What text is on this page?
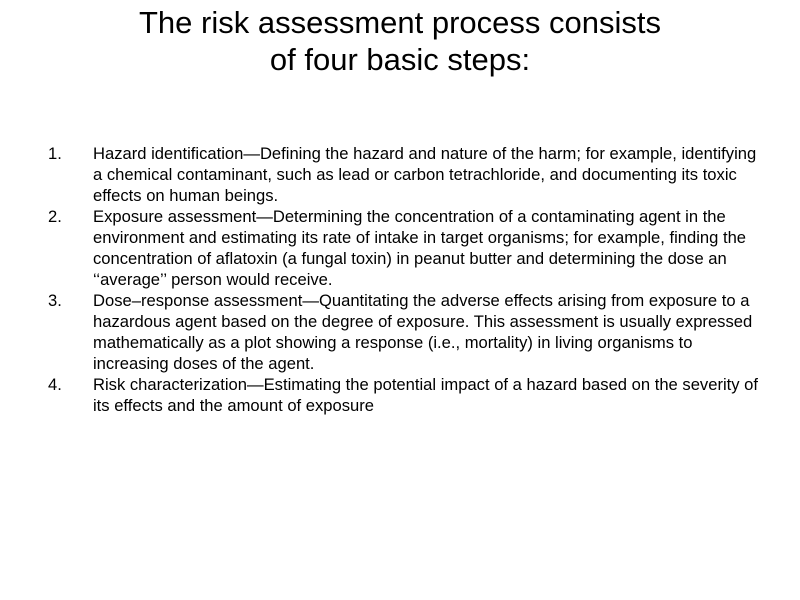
The risk assessment process consists
of four basic steps:
1.	Hazard identification—Defining the hazard and nature of the harm; for example, identifying a chemical contaminant, such as lead or carbon tetrachloride, and documenting its toxic effects on human beings.
2.	Exposure assessment—Determining the concentration of a contaminating agent in the environment and estimating its rate of intake in target organisms; for example, finding the concentration of aflatoxin (a fungal toxin) in peanut butter and determining the dose an ‘‘average’’ person would receive.
3.	Dose–response assessment—Quantitating the adverse effects arising from exposure to a hazardous agent based on the degree of exposure. This assessment is usually expressed mathematically as a plot showing a response (i.e., mortality) in living organisms to increasing doses of the agent.
4.	Risk characterization—Estimating the potential impact of a hazard based on the severity of its effects and the amount of exposure
